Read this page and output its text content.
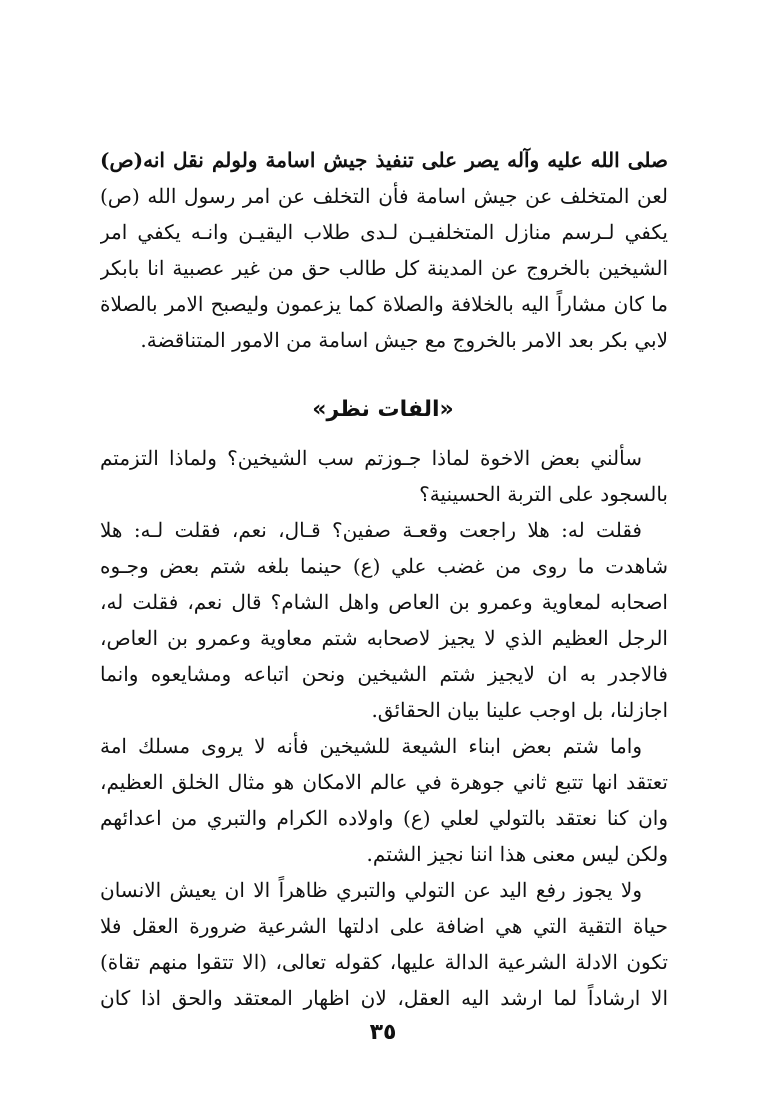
صلى الله عليه وآله يصر على تنفيذ جيش اسامة ولولم نقل انه(ص)
لعن المتخلف عن جيش اسامة فأن التخلف عن امر رسول الله (ص)
يكفي لـرسم منازل المتخلفيـن لـدى طلاب اليقيـن وانـه يكفي امر
الشيخين بالخروج عن المدينة كل طالب حق من غير عصبية انا بابكر
ما كان مشاراً اليه بالخلافة والصلاة كما يزعمون وليصبح الامر بالصلاة
لابي بكر بعد الامر بالخروج مع جيش اسامة من الامور المتناقضة.
«الفات نظر»
سألني بعض الاخوة لماذا جـوزتم سب الشيخين؟ ولماذا التزمتم
بالسجود على التربة الحسينية؟
فقلت له: هلا راجعت وقعـة صفين؟ قـال، نعم، فقلت لـه: هلا
شاهدت ما روى من غضب علي (ع) حينما بلغه شتم بعض وجـوه
اصحابه لمعاوية وعمرو بن العاص واهل الشام؟ قال نعم، فقلت له،
الرجل العظيم الذي لا يجيز لاصحابه شتم معاوية وعمرو بن العاص،
فالاجدر به ان لايجيز شتم الشيخين ونحن اتباعه ومشايعوه وانما
اجازلنا، بل اوجب علينا بيان الحقائق.
واما شتم بعض ابناء الشيعة للشيخين فأنه لا يروى مسلك امة
تعتقد انها تتبع ثاني جوهرة في عالم الامكان هو مثال الخلق العظيم،
وان كنا نعتقد بالتولي لعلي (ع) واولاده الكرام والتبري من اعدائهم
ولكن ليس معنى هذا اننا نجيز الشتم.
ولا يجوز رفع اليد عن التولي والتبري ظاهراً الا ان يعيش الانسان
حياة التقية التي هي اضافة على ادلتها الشرعية ضرورة العقل فلا
تكون الادلة الشرعية الدالة عليها، كقوله تعالى، (الا تتقوا منهم تقاة)
الا ارشاداً لما ارشد اليه العقل، لان اظهار المعتقد والحق اذا كان
٣٥
